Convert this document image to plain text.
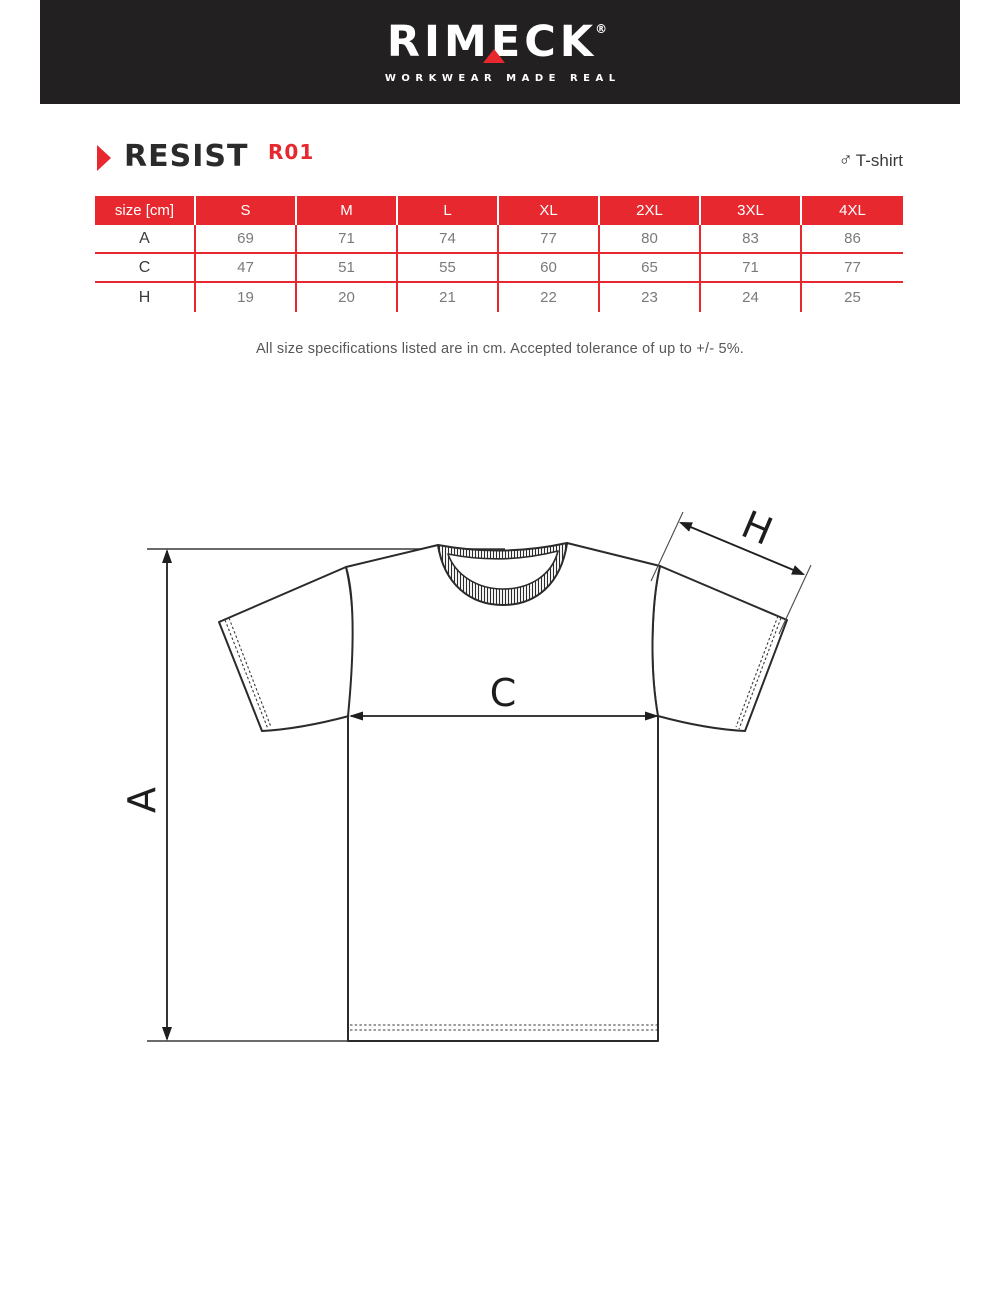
RIMECK®
WORKWEAR MADE REAL
RESIST R01	♂ T-shirt
size [cm]	S	M	L	XL	2XL	3XL	4XL
A	69	71	74	77	80	83	86
C	47	51	55	60	65	71	77
H	19	20	21	22	23	24	25
All size specifications listed are in cm. Accepted tolerance of up to +/- 5%.
A
C
H
